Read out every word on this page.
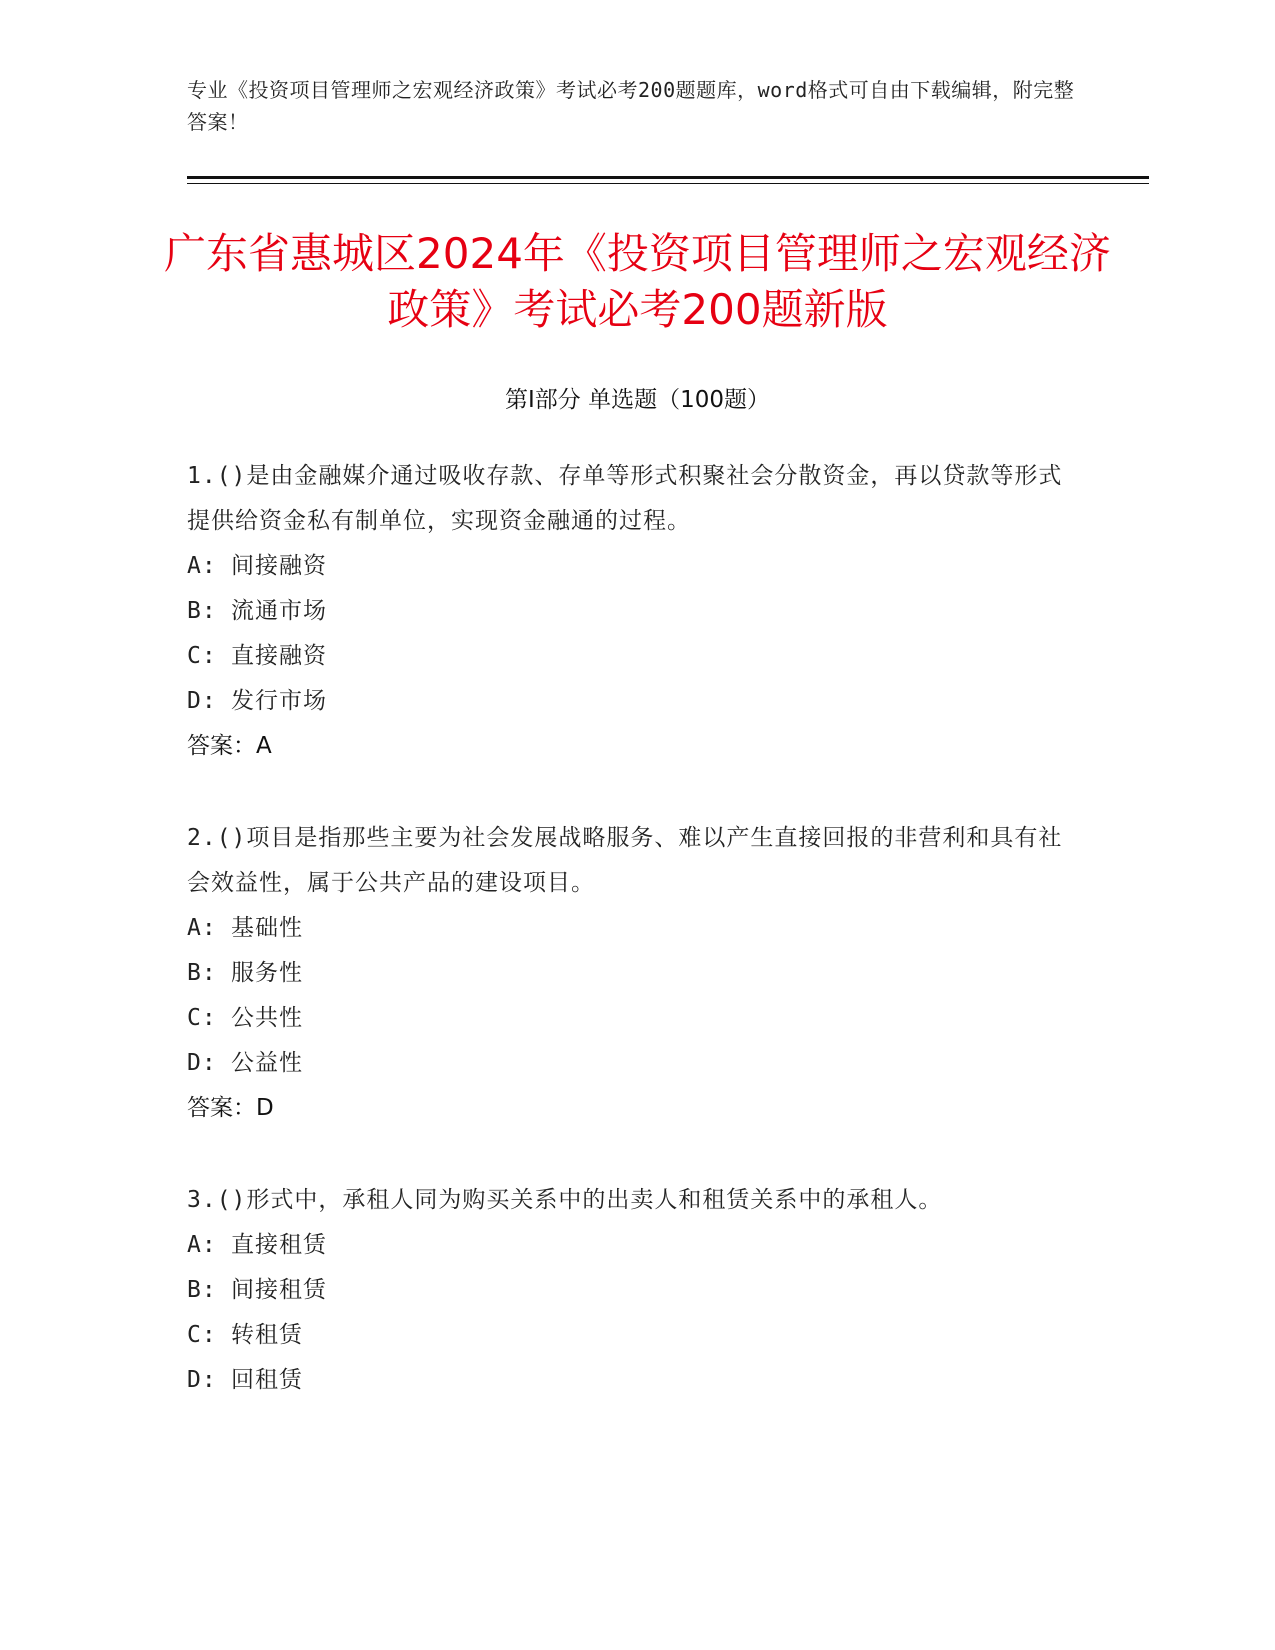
专业《投资项目管理师之宏观经济政策》考试必考200题题库，word格式可自由下载编辑，附完整答案！
广东省惠城区2024年《投资项目管理师之宏观经济政策》考试必考200题新版
第Ⅰ部分 单选题（100题）
1.()是由金融媒介通过吸收存款、存单等形式积聚社会分散资金，再以贷款等形式提供给资金私有制单位，实现资金融通的过程。
A: 间接融资
B: 流通市场
C: 直接融资
D: 发行市场
答案：A
2.()项目是指那些主要为社会发展战略服务、难以产生直接回报的非营利和具有社会效益性，属于公共产品的建设项目。
A: 基础性
B: 服务性
C: 公共性
D: 公益性
答案：D
3.()形式中，承租人同为购买关系中的出卖人和租赁关系中的承租人。
A: 直接租赁
B: 间接租赁
C: 转租赁
D: 回租赁
